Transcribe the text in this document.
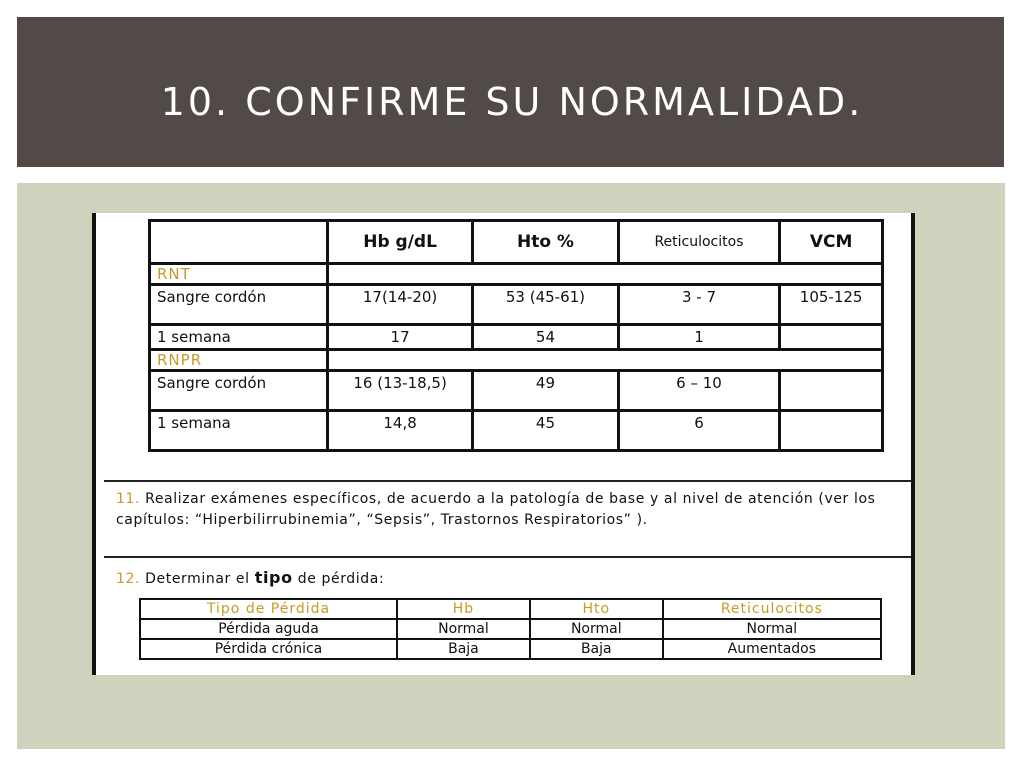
10. CONFIRME SU NORMALIDAD.
	Hb g/dL	Hto %	Reticulocitos	VCM
RNT				
Sangre cordón	17(14-20)	53 (45-61)	3 - 7	105-125
1 semana	17	54	1	
RNPR				
Sangre cordón	16 (13-18,5)	49	6 – 10	
1 semana	14,8	45	6	
11. Realizar exámenes específicos, de acuerdo a la patología de base y al nivel de atención (ver los capítulos: “Hiperbilirrubinemia”, “Sepsis”, Trastornos Respiratorios” ).
12. Determinar el tipo de pérdida:
Tipo de Pérdida	Hb	Hto	Reticulocitos
Pérdida aguda	Normal	Normal	Normal
Pérdida crónica	Baja	Baja	Aumentados
